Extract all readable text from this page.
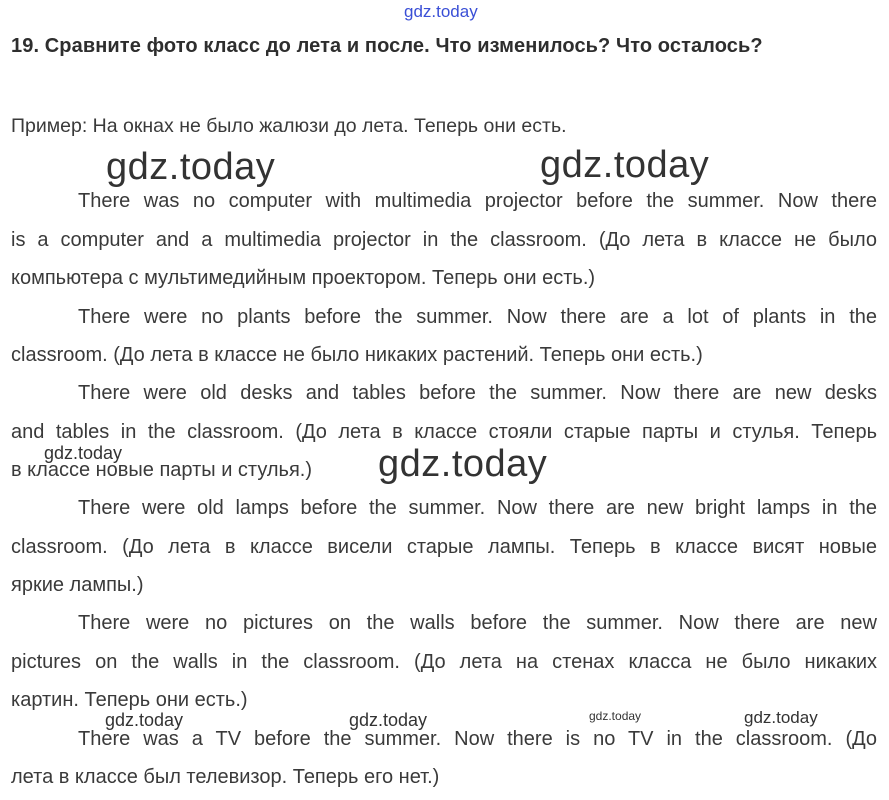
gdz.today
19. Сравните фото класс до лета и после. Что изменилось? Что осталось?
Пример: На окнах не было жалюзи до лета. Теперь они есть.
gdz.today	gdz.today
There was no computer with multimedia projector before the summer. Now there
is a computer and a multimedia projector in the classroom. (До лета в классе не было
компьютера с мультимедийным проектором. Теперь они есть.)
There were no plants before the summer. Now there are a lot of plants in the
classroom. (До лета в классе не было никаких растений. Теперь они есть.)
There were old desks and tables before the summer. Now there are new desks
and tables in the classroom. (До лета в классе стояли старые парты и стулья. Теперь
в классе новые парты и стулья.)
gdz.today	gdz.today
There were old lamps before the summer. Now there are new bright lamps in the
classroom. (До лета в классе висели старые лампы. Теперь в классе висят новые
яркие лампы.)
There were no pictures on the walls before the summer. Now there are new
pictures on the walls in the classroom. (До лета на стенах класса не было никаких
картин. Теперь они есть.)
gdz.today	gdz.today	gdz.today	gdz.today
There was a TV before the summer. Now there is no TV in the classroom. (До
лета в классе был телевизор. Теперь его нет.)
